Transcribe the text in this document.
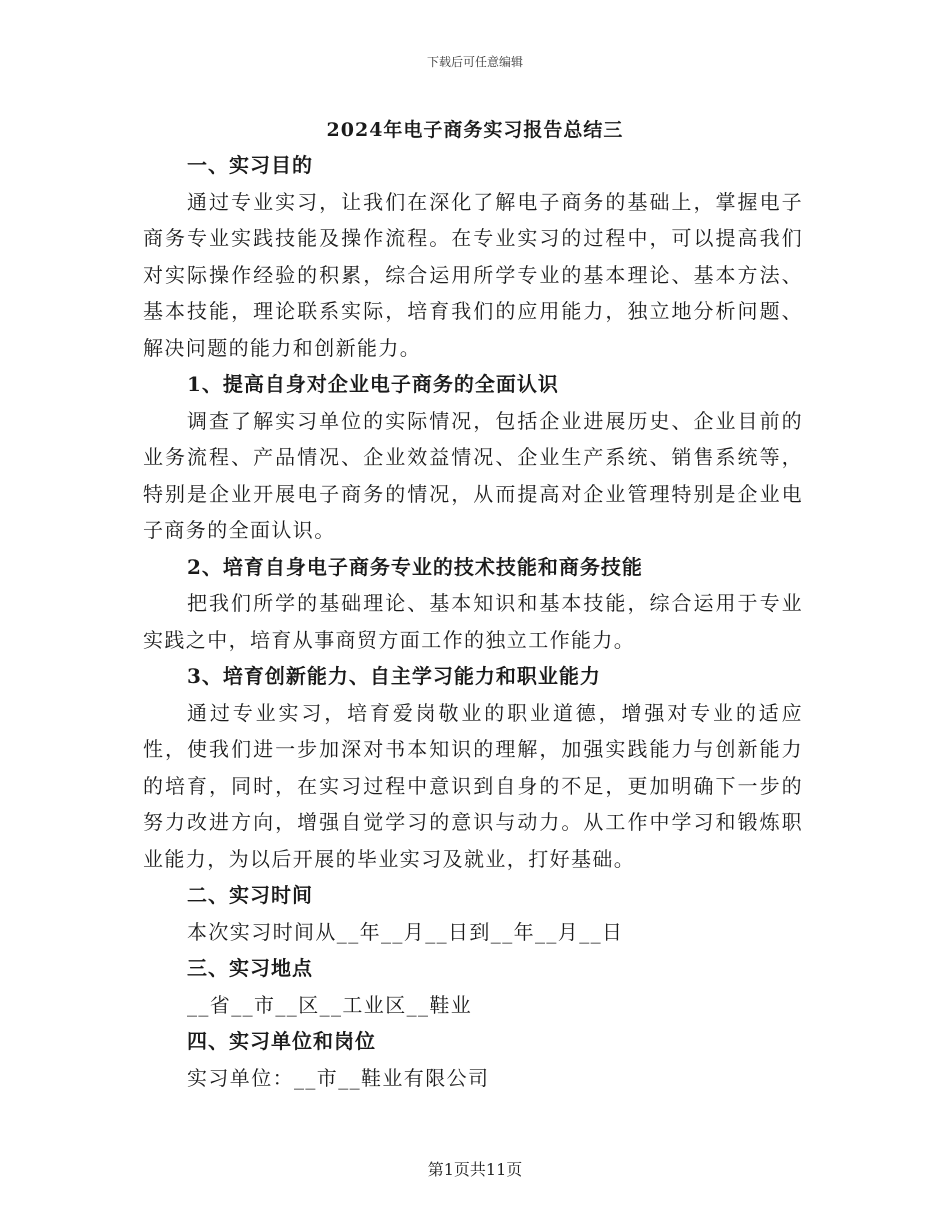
下载后可任意编辑
2024年电子商务实习报告总结三

一、实习目的

通过专业实习，让我们在深化了解电子商务的基础上，掌握电子商务专业实践技能及操作流程。在专业实习的过程中，可以提高我们对实际操作经验的积累，综合运用所学专业的基本理论、基本方法、基本技能，理论联系实际，培育我们的应用能力，独立地分析问题、解决问题的能力和创新能力。

1、提高自身对企业电子商务的全面认识

调查了解实习单位的实际情况，包括企业进展历史、企业目前的业务流程、产品情况、企业效益情况、企业生产系统、销售系统等，特别是企业开展电子商务的情况，从而提高对企业管理特别是企业电子商务的全面认识。

2、培育自身电子商务专业的技术技能和商务技能

把我们所学的基础理论、基本知识和基本技能，综合运用于专业实践之中，培育从事商贸方面工作的独立工作能力。

3、培育创新能力、自主学习能力和职业能力

通过专业实习，培育爱岗敬业的职业道德，增强对专业的适应性，使我们进一步加深对书本知识的理解，加强实践能力与创新能力的培育，同时，在实习过程中意识到自身的不足，更加明确下一步的努力改进方向，增强自觉学习的意识与动力。从工作中学习和锻炼职业能力，为以后开展的毕业实习及就业，打好基础。

二、实习时间

本次实习时间从__年__月__日到__年__月__日

三、实习地点

__省__市__区__工业区__鞋业

四、实习单位和岗位

实习单位：__市__鞋业有限公司

第1页共11页
